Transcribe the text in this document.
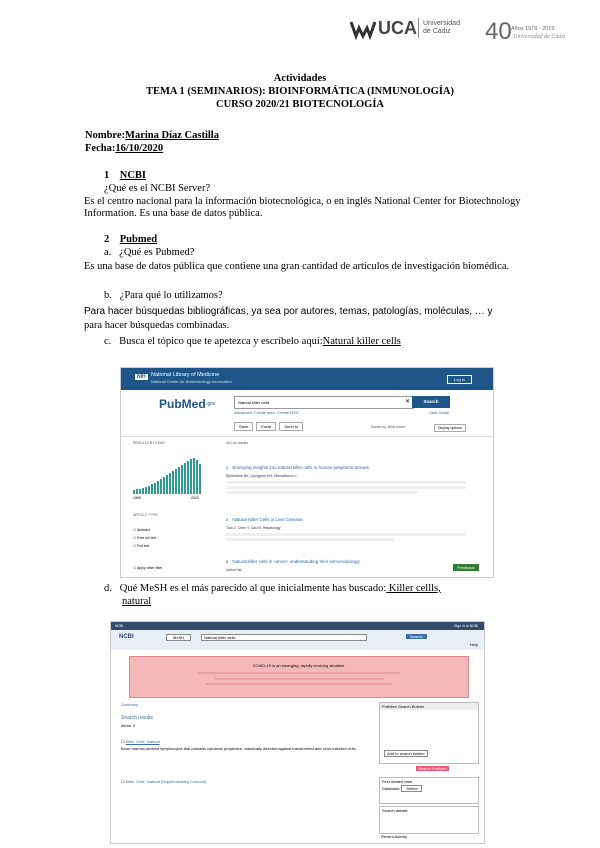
UCA Universidad
de Cádiz	40 Años 1979 - 2019
Universidad de Cádiz
Actividades
TEMA 1 (SEMINARIOS): BIOINFORMÁTICA (INMUNOLOGÍA)
CURSO 2020/21 BIOTECNOLOGÍA
Nombre:Marina Díaz Castilla
Fecha:16/10/2020
1 NCBI
¿Qué es el NCBI Server?
Es el centro nacional para la información biotecnológica, o en inglés National Center for Biotechnology Information. Es una base de datos pública.
2 Pubmed
a. ¿Qué es Pubmed?
Es una base de datos pública que contiene una gran cantidad de artículos de investigación biomédica.
b. ¿Para qué lo utilizamos?
Para hacer búsquedas bibliográficas, ya sea por autores, temas, patologías, moléculas, … y
para hacer búsquedas combinadas.
c. Busca el tópico que te apetezca y escríbelo aquí:Natural killer cells
NIH National Library of Medicine
National Center for Biotechnology Information	Log in
PubMed .gov	Natural killer cells	✕	Search
Advanced Create alert Create RSS	User Guide
Save	Email	Send to	Sorted by: Best match	Display options
RESULTS BY YEAR
1965	2020
ARTICLE TYPE
☐ Abstract
☐ Free full text
☐ Full text
☐ Apply other filter
46,144 results
1 Emerging insights into natural killer cells in human peripheral tissues.
Björkström NK, Ljunggren HG, Michaëlsson J.
2 Natural Killer Cells in Liver Disease.
Tian Z, Chen Y, Gao B. Hepatology.
3 Natural killer cells in cancer: understanding their immunobiology.
Author list	Feedback
d. Qué MeSH es el más parecido al que inicialmente has buscado: Killer cellls,
natural
NCBI	Sign in to NCBI
NCBI	MeSH	Natural killer cells	Search
Help
COVID-19 is an emerging, rapidly evolving situation.
Summary
Search results
Items: 2
☐ Killer Cells, Natural
Bone marrow-derived lymphocytes that possess cytotoxic properties, classically directed against transformed and virus-infected cells.
☐ Killer Cells, Natural [Supplementary Concept]
PubMed Search Builder
Add to search builder
Search PubMed
Find related data
Database: Select
Search details
Recent Activity
